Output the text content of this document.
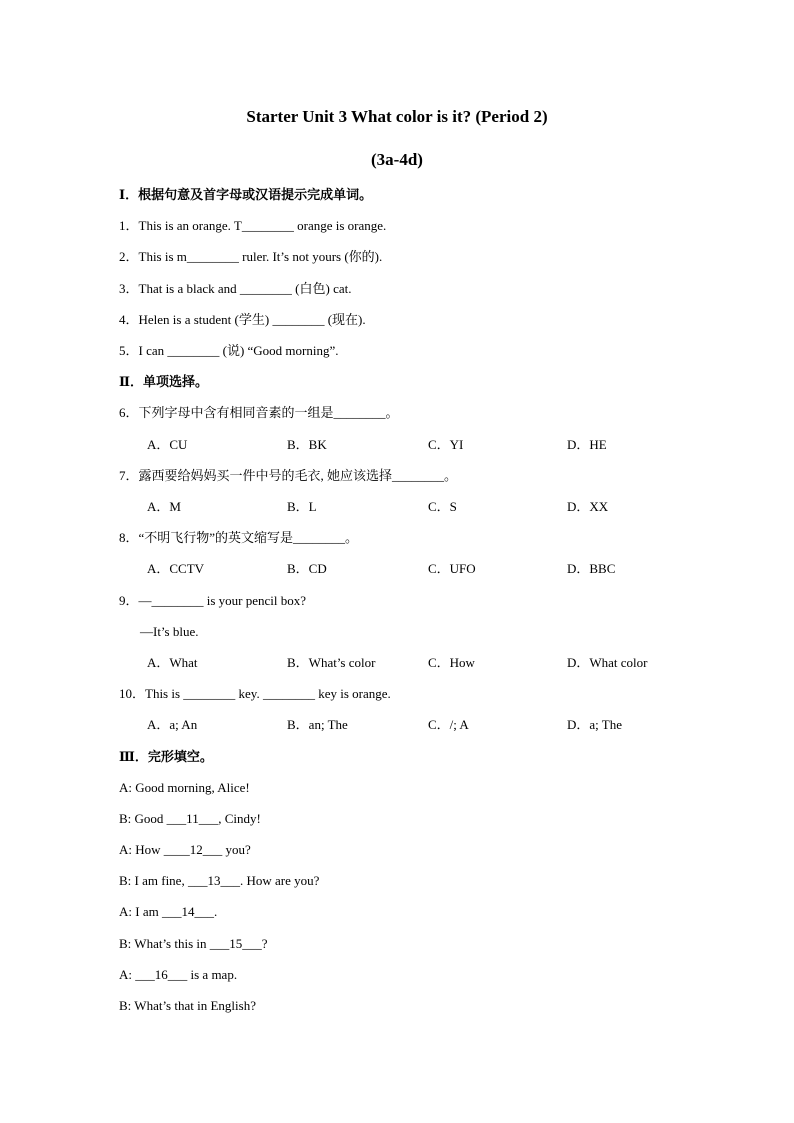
Starter Unit 3 What color is it? (Period 2)
(3a-4d)
Ⅰ．根据句意及首字母或汉语提示完成单词。
1．This is an orange. T________ orange is orange.
2．This is m________ ruler. It’s not yours (你的).
3．That is a black and ________ (白色) cat.
4．Helen is a student (学生) ________ (现在).
5．I can ________ (说) “Good morning”.
Ⅱ．单项选择。
6．下列字母中含有相同音素的一组是________。
A．CU	B．BK	C．YI	D．HE
7．露西要给妈妈买一件中号的毛衣, 她应该选择________。
A．M	B．L	C．S	D．XX
8．“不明飞行物”的英文缩写是________。
A．CCTV	B．CD	C．UFO	D．BBC
9．—________ is your pencil box?
—It’s blue.
A．What	B．What’s color	C．How	D．What color
10．This is ________ key. ________ key is orange.
A．a; An	B．an; The	C．/; A	D．a; The
Ⅲ．完形填空。
A: Good morning, Alice!
B: Good ___11___, Cindy!
A: How ____12___ you?
B: I am fine, ___13___. How are you?
A: I am ___14___.
B: What’s this in ___15___?
A: ___16___ is a map.
B: What’s that in English?
